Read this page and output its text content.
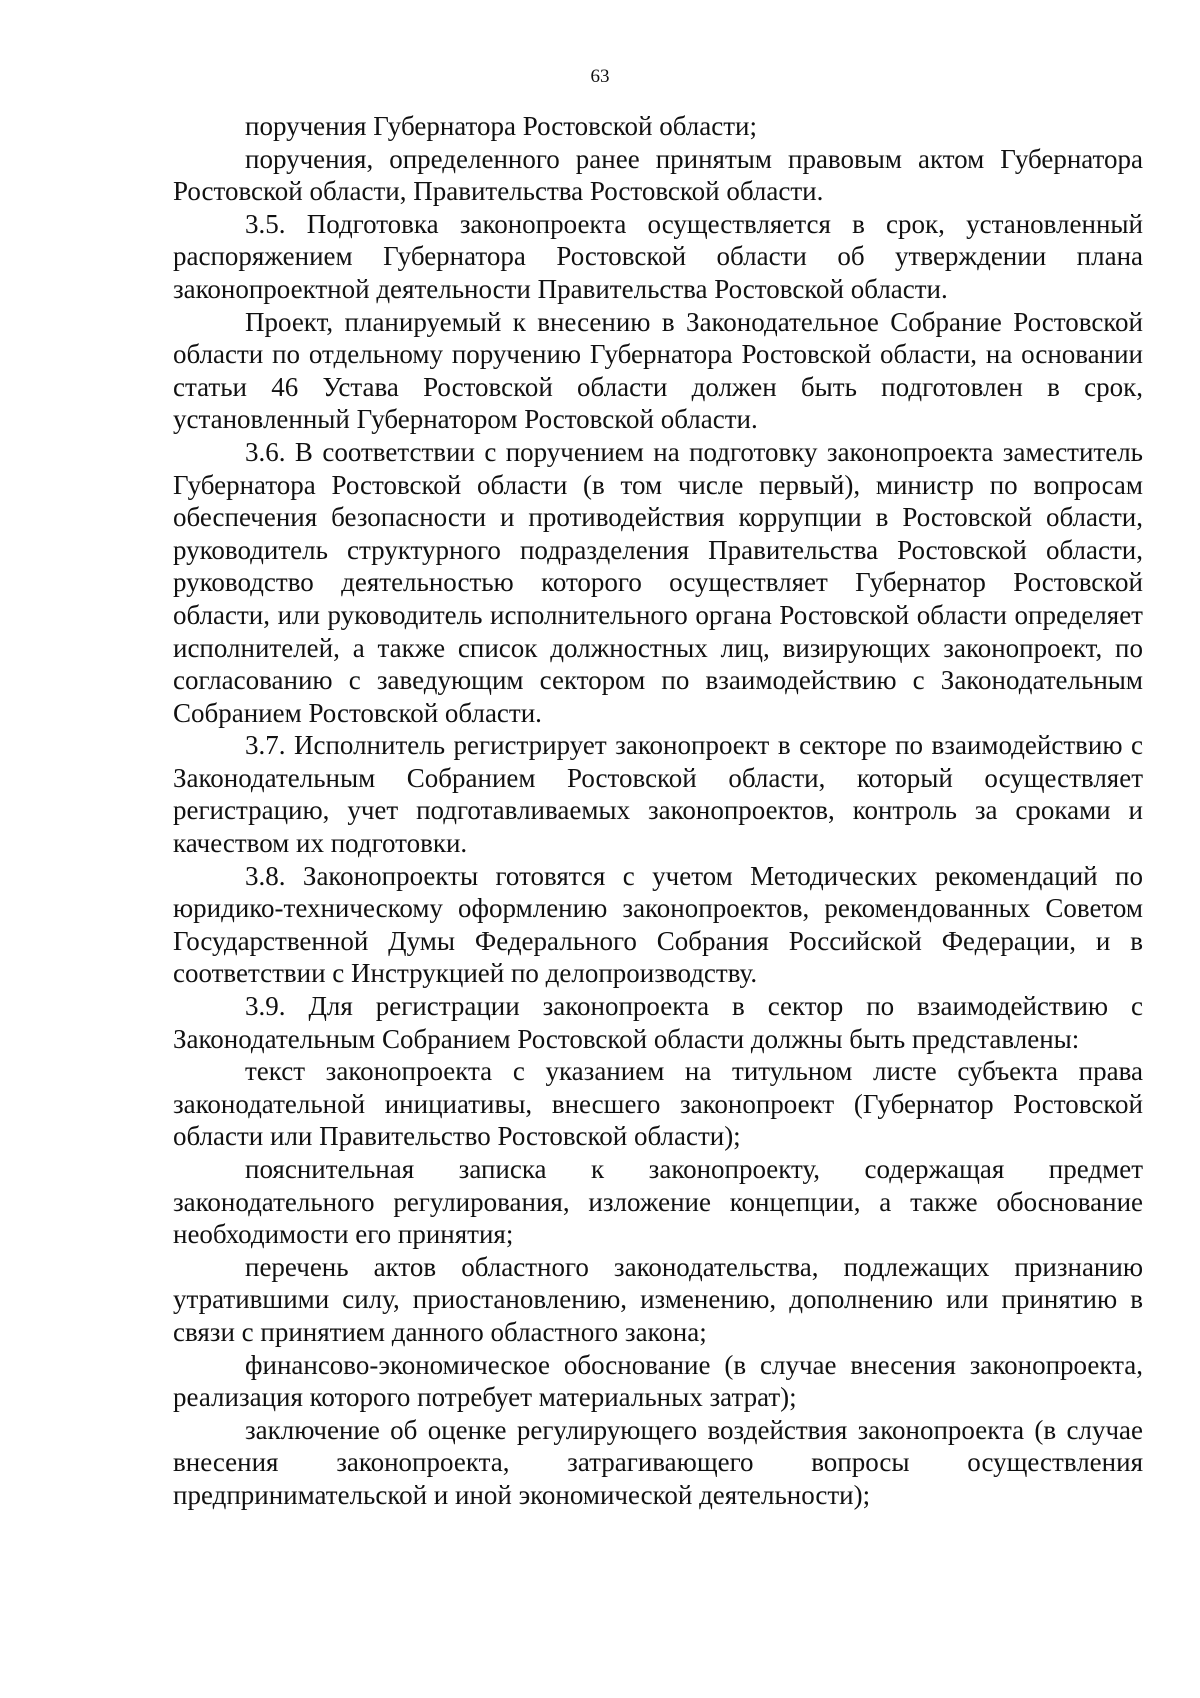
63

поручения Губернатора Ростовской области;

поручения, определенного ранее принятым правовым актом Губернатора Ростовской области, Правительства Ростовской области.

3.5. Подготовка законопроекта осуществляется в срок, установленный распоряжением Губернатора Ростовской области об утверждении плана законопроектной деятельности Правительства Ростовской области.

Проект, планируемый к внесению в Законодательное Собрание Ростовской области по отдельному поручению Губернатора Ростовской области, на основании статьи 46 Устава Ростовской области должен быть подготовлен в срок, установленный Губернатором Ростовской области.

3.6. В соответствии с поручением на подготовку законопроекта заместитель Губернатора Ростовской области (в том числе первый), министр по вопросам обеспечения безопасности и противодействия коррупции в Ростовской области, руководитель структурного подразделения Правительства Ростовской области, руководство деятельностью которого осуществляет Губернатор Ростовской области, или руководитель исполнительного органа Ростовской области определяет исполнителей, а также список должностных лиц, визирующих законопроект, по согласованию с заведующим сектором по взаимодействию с Законодательным Собранием Ростовской области.

3.7. Исполнитель регистрирует законопроект в секторе по взаимодействию с Законодательным Собранием Ростовской области, который осуществляет регистрацию, учет подготавливаемых законопроектов, контроль за сроками и качеством их подготовки.

3.8. Законопроекты готовятся с учетом Методических рекомендаций по юридико-техническому оформлению законопроектов, рекомендованных Советом Государственной Думы Федерального Собрания Российской Федерации, и в соответствии с Инструкцией по делопроизводству.

3.9. Для регистрации законопроекта в сектор по взаимодействию с Законодательным Собранием Ростовской области должны быть представлены:

текст законопроекта с указанием на титульном листе субъекта права законодательной инициативы, внесшего законопроект (Губернатор Ростовской области или Правительство Ростовской области);

пояснительная записка к законопроекту, содержащая предмет законодательного регулирования, изложение концепции, а также обоснование необходимости его принятия;

перечень актов областного законодательства, подлежащих признанию утратившими силу, приостановлению, изменению, дополнению или принятию в связи с принятием данного областного закона;

финансово-экономическое обоснование (в случае внесения законопроекта, реализация которого потребует материальных затрат);

заключение об оценке регулирующего воздействия законопроекта (в случае внесения законопроекта, затрагивающего вопросы осуществления предпринимательской и иной экономической деятельности);
